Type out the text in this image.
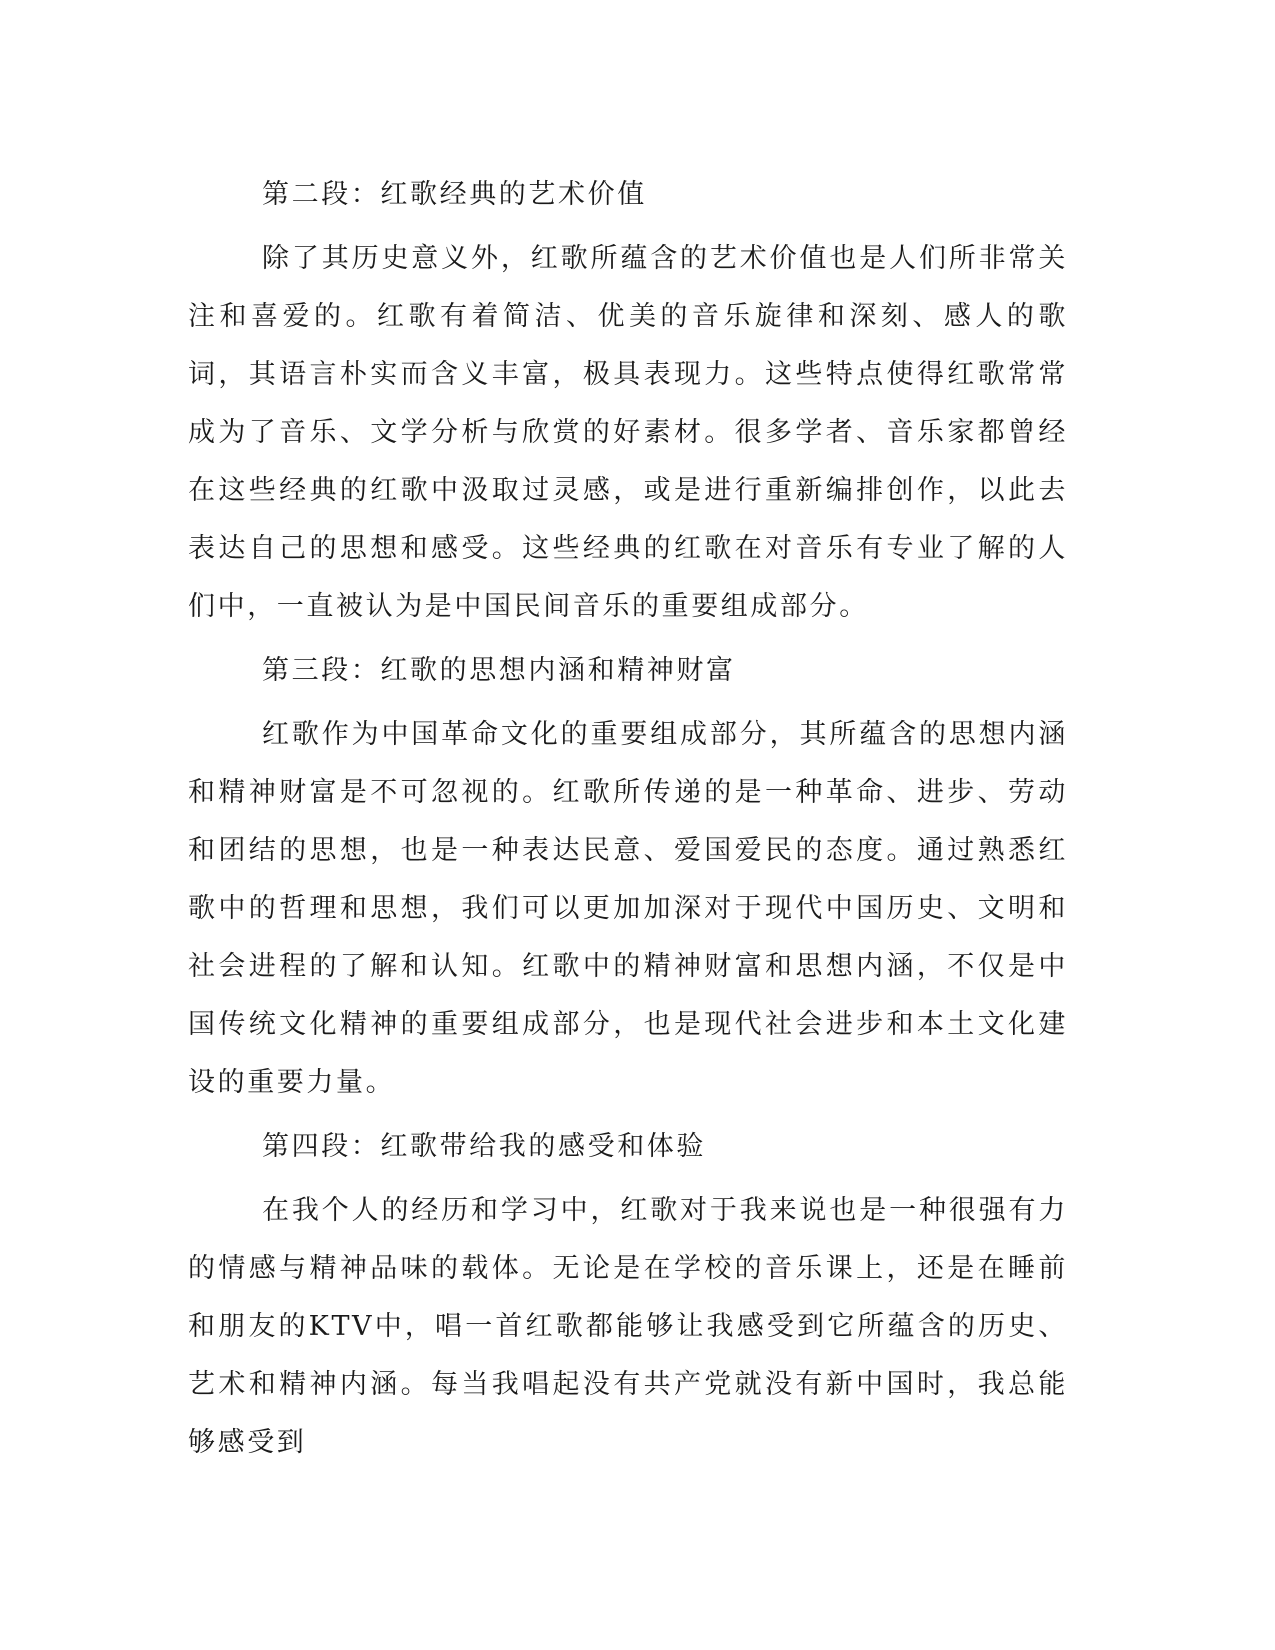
第二段：红歌经典的艺术价值

除了其历史意义外，红歌所蕴含的艺术价值也是人们所非常关注和喜爱的。红歌有着简洁、优美的音乐旋律和深刻、感人的歌词，其语言朴实而含义丰富，极具表现力。这些特点使得红歌常常成为了音乐、文学分析与欣赏的好素材。很多学者、音乐家都曾经在这些经典的红歌中汲取过灵感，或是进行重新编排创作，以此去表达自己的思想和感受。这些经典的红歌在对音乐有专业了解的人们中，一直被认为是中国民间音乐的重要组成部分。

第三段：红歌的思想内涵和精神财富

红歌作为中国革命文化的重要组成部分，其所蕴含的思想内涵和精神财富是不可忽视的。红歌所传递的是一种革命、进步、劳动和团结的思想，也是一种表达民意、爱国爱民的态度。通过熟悉红歌中的哲理和思想，我们可以更加加深对于现代中国历史、文明和社会进程的了解和认知。红歌中的精神财富和思想内涵，不仅是中国传统文化精神的重要组成部分，也是现代社会进步和本土文化建设的重要力量。

第四段：红歌带给我的感受和体验

在我个人的经历和学习中，红歌对于我来说也是一种很强有力的情感与精神品味的载体。无论是在学校的音乐课上，还是在睡前和朋友的KTV中，唱一首红歌都能够让我感受到它所蕴含的历史、艺术和精神内涵。每当我唱起没有共产党就没有新中国时，我总能够感受到
